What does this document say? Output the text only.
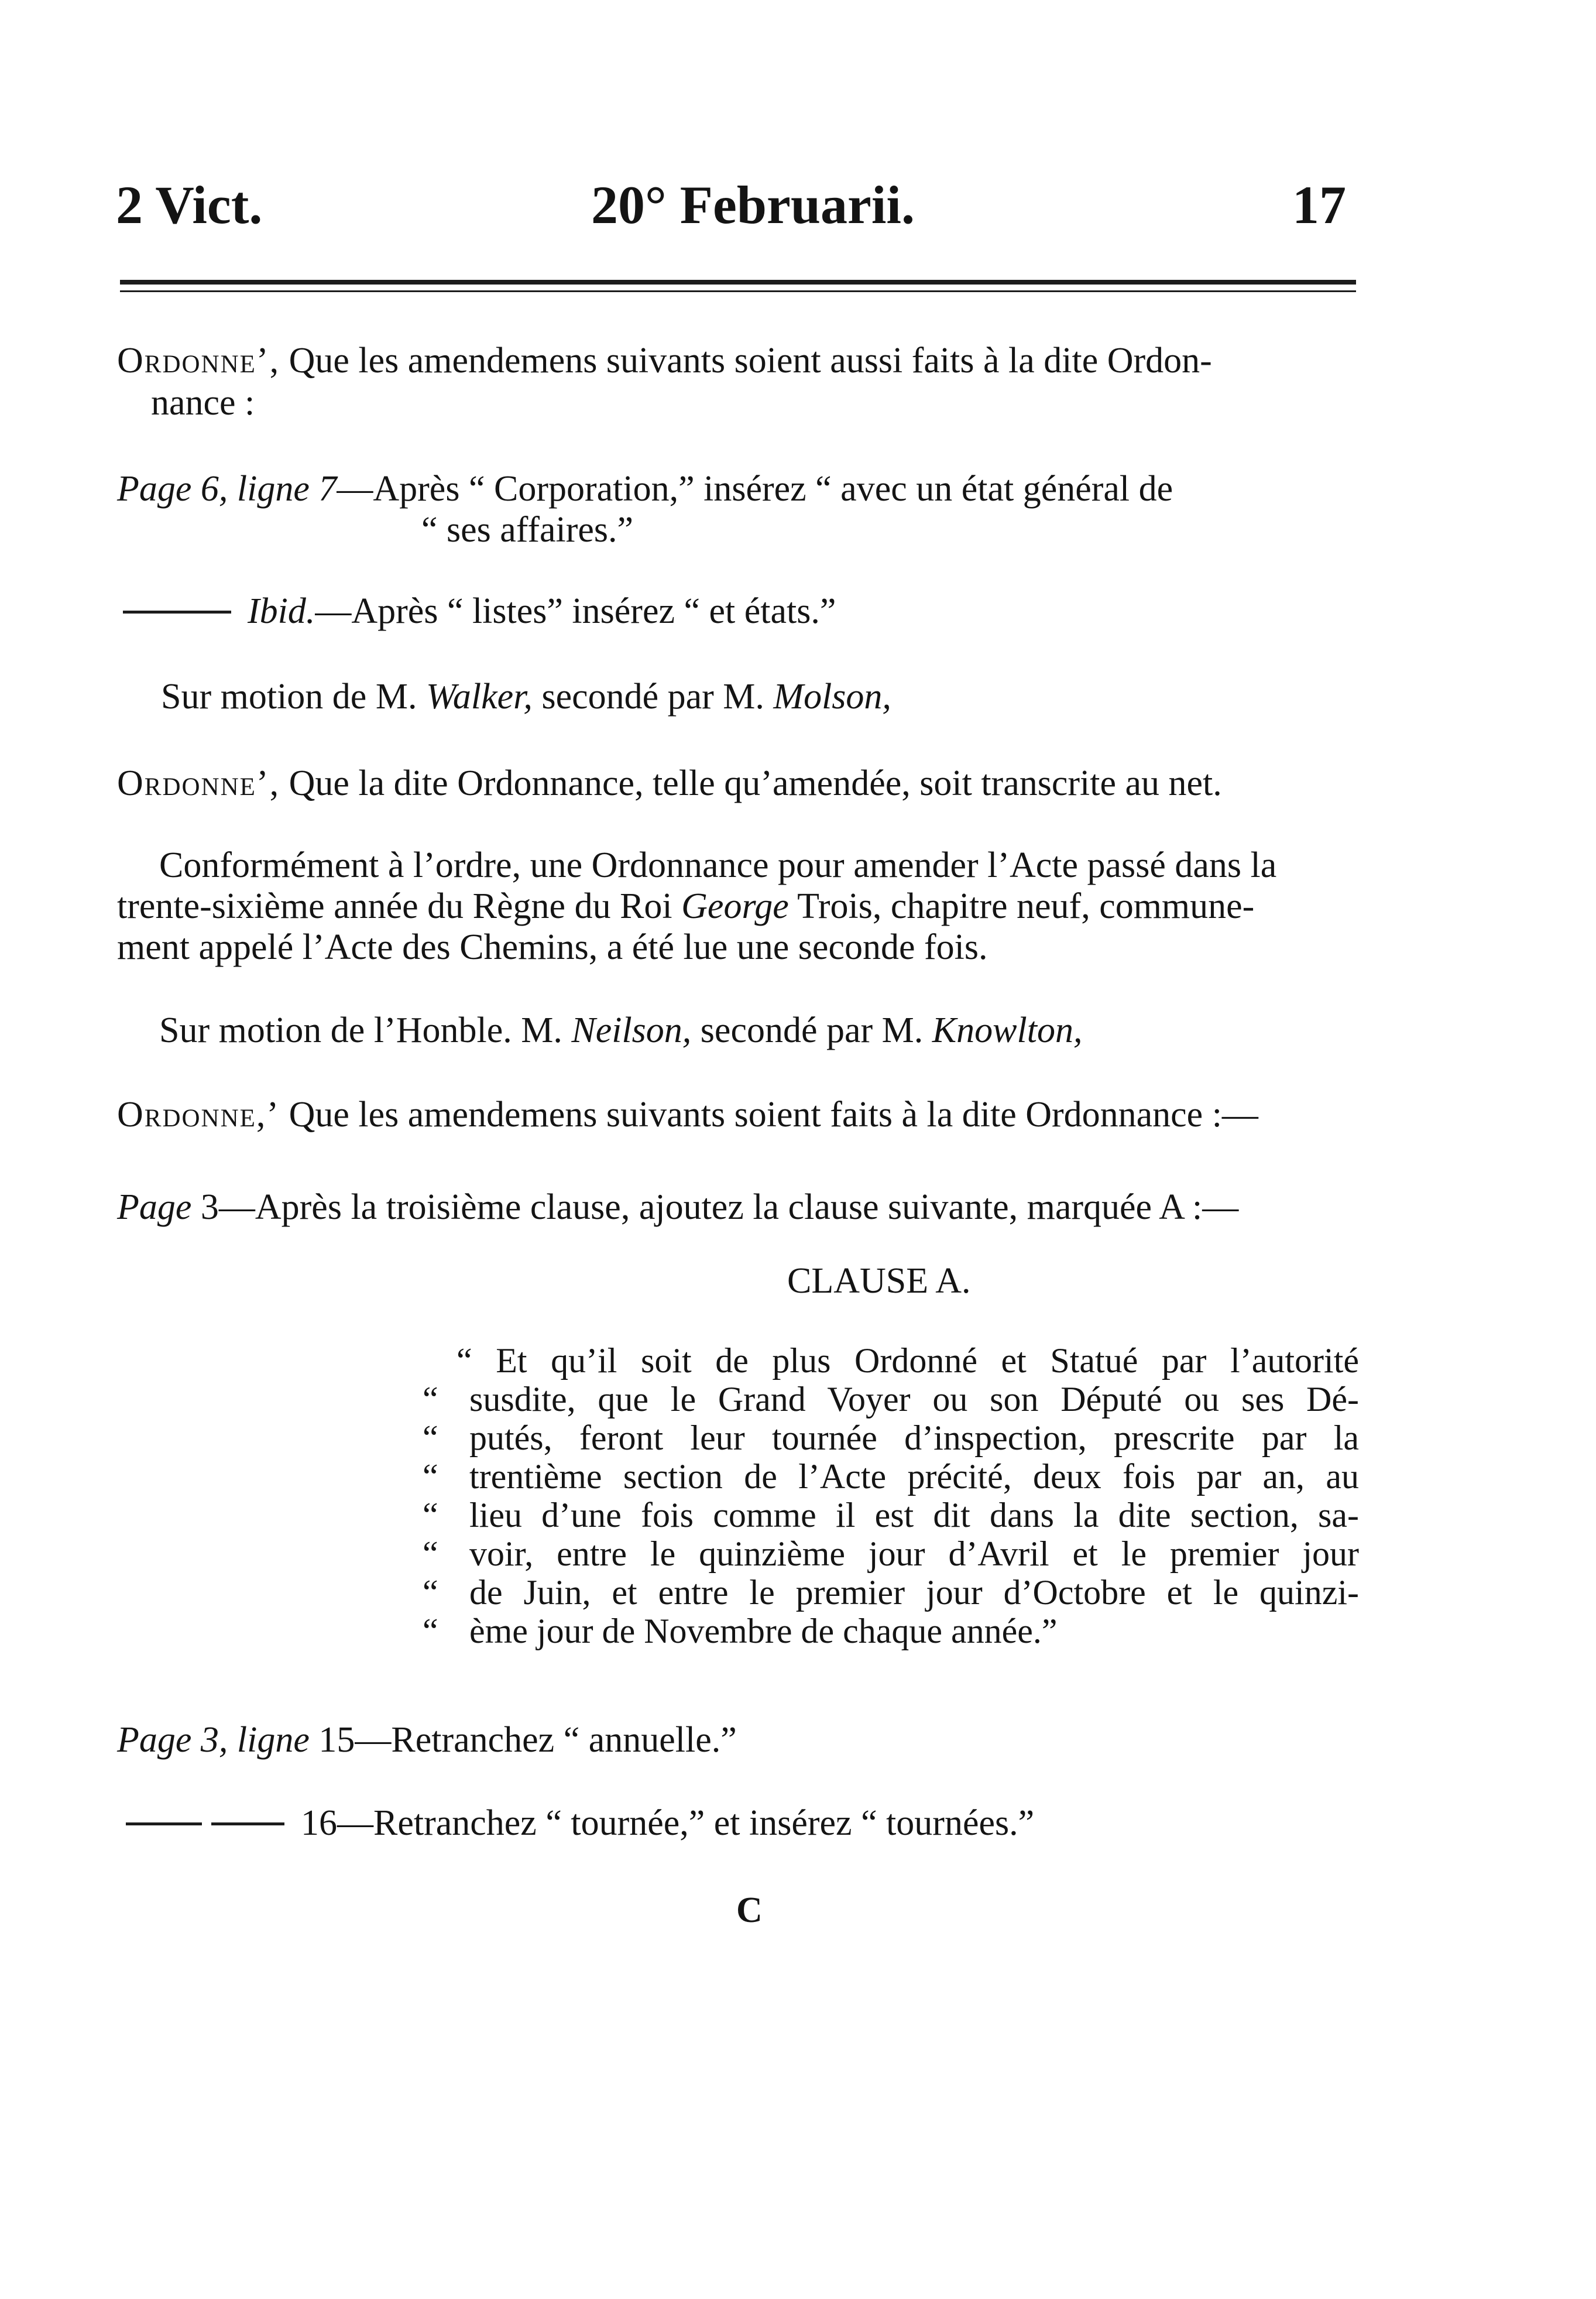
2 Vict.	20° Februarii.	17
Ordonne’, Que les amendemens suivants soient aussi faits à la dite Ordon-
nance :
Page 6, ligne 7—Après “ Corporation,” insérez “ avec un état général de
“ ses affaires.”
Ibid.—Après “ listes” insérez “ et états.”
Sur motion de M. Walker, secondé par M. Molson,
Ordonne’, Que la dite Ordonnance, telle qu’amendée, soit transcrite au net.
Conformément à l’ordre, une Ordonnance pour amender l’Acte passé dans la
trente-sixième année du Règne du Roi George Trois, chapitre neuf, commune-
ment appelé l’Acte des Chemins, a été lue une seconde fois.
Sur motion de l’Honble. M. Neilson, secondé par M. Knowlton,
Ordonne,’ Que les amendemens suivants soient faits à la dite Ordonnance :—
Page 3—Après la troisième clause, ajoutez la clause suivante, marquée A :—
CLAUSE A.
“ Et qu’il soit de plus Ordonné et Statué par l’autorité
“ susdite, que le Grand Voyer ou son Député ou ses Dé-
“ putés, feront leur tournée d’inspection, prescrite par la
“ trentième section de l’Acte précité, deux fois par an, au
“ lieu d’une fois comme il est dit dans la dite section, sa-
“ voir, entre le quinzième jour d’Avril et le premier jour
“ de Juin, et entre le premier jour d’Octobre et le quinzi-
“ ème jour de Novembre de chaque année.”
Page 3, ligne 15—Retranchez “ annuelle.”
16—Retranchez “ tournée,” et insérez “ tournées.”
C
